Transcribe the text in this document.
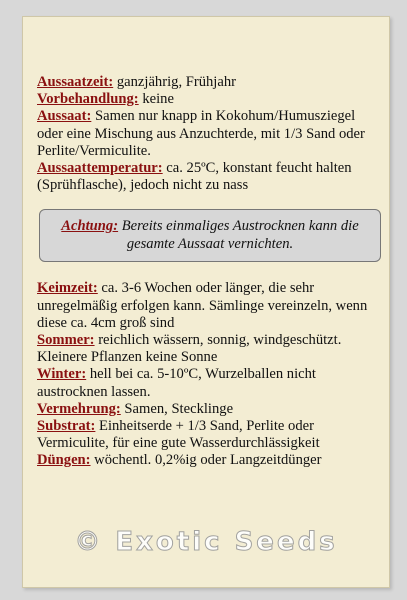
Aussaatzeit: ganzjährig, Frühjahr

Vorbehandlung: keine

Aussaat: Samen nur knapp in Kokohum/Humusziegel oder eine Mischung aus Anzuchterde, mit 1/3 Sand oder Perlite/Vermiculite.

Aussaattemperatur: ca. 25ºC, konstant feucht halten (Sprühflasche), jedoch nicht zu nass

Achtung: Bereits einmaliges Austrocknen kann die gesamte Aussaat vernichten.

Keimzeit: ca. 3-6 Wochen oder länger, die sehr unregelmäßig erfolgen kann. Sämlinge vereinzeln, wenn diese ca. 4cm groß sind

Sommer: reichlich wässern, sonnig, windgeschützt. Kleinere Pflanzen keine Sonne

Winter: hell bei ca. 5-10ºC, Wurzelballen nicht austrocknen lassen.

Vermehrung: Samen, Stecklinge

Substrat: Einheitserde + 1/3 Sand, Perlite oder Vermiculite, für eine gute Wasserdurchlässigkeit

Düngen: wöchentl. 0,2%ig oder Langzeitdünger

© Exotic Seeds
